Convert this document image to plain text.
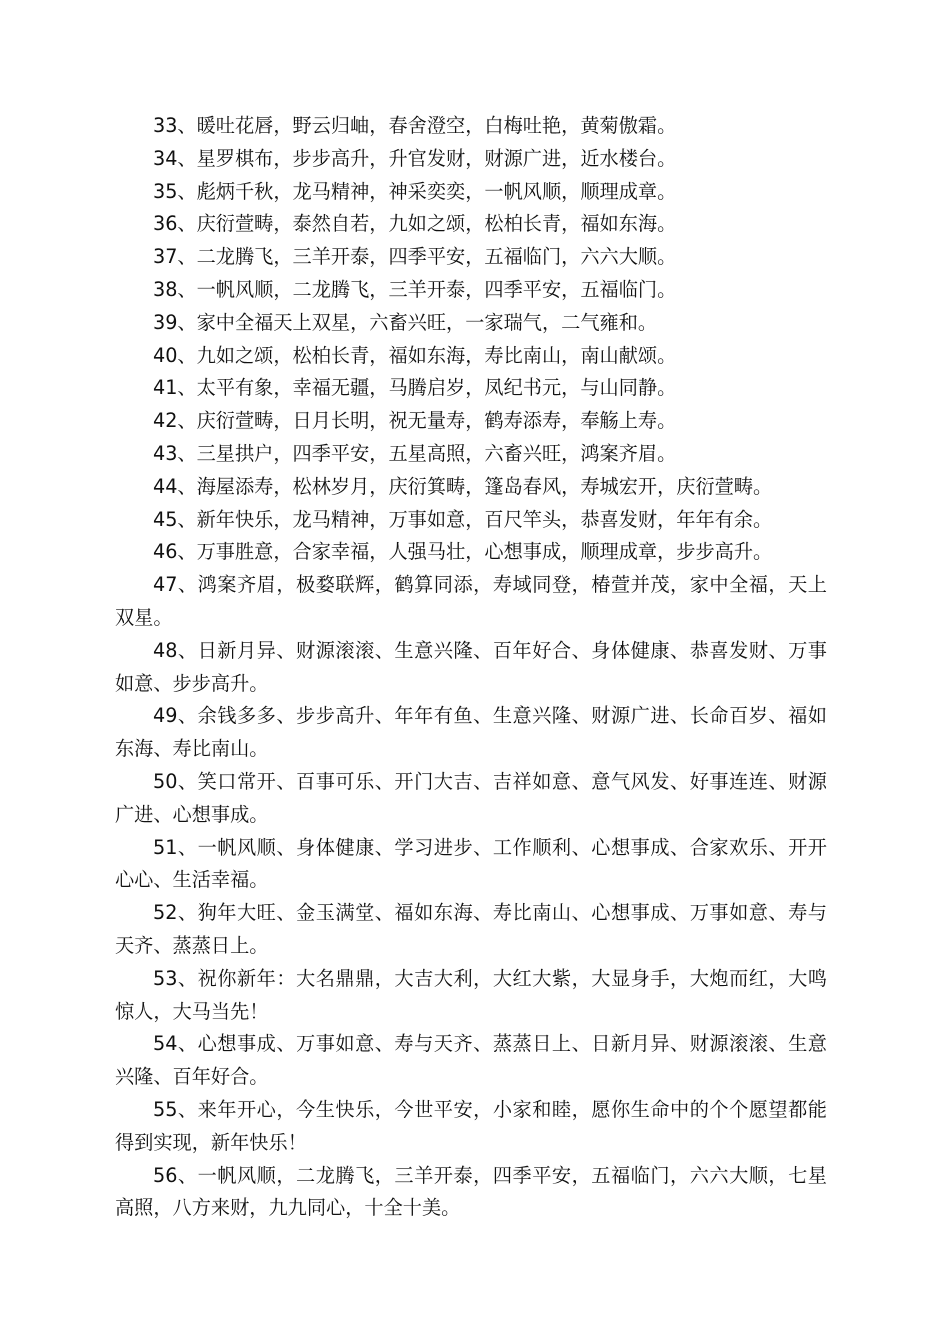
33、暖吐花唇，野云归岫，春舍澄空，白梅吐艳，黄菊傲霜。

34、星罗棋布，步步高升，升官发财，财源广进，近水楼台。

35、彪炳千秋，龙马精神，神采奕奕，一帆风顺，顺理成章。

36、庆衍萱畴，泰然自若，九如之颂，松柏长青，福如东海。

37、二龙腾飞，三羊开泰，四季平安，五福临门，六六大顺。

38、一帆风顺，二龙腾飞，三羊开泰，四季平安，五福临门。

39、家中全福天上双星，六畜兴旺，一家瑞气，二气雍和。

40、九如之颂，松柏长青，福如东海，寿比南山，南山献颂。

41、太平有象，幸福无疆，马腾启岁，凤纪书元，与山同静。

42、庆衍萱畴，日月长明，祝无量寿，鹤寿添寿，奉觞上寿。

43、三星拱户，四季平安，五星高照，六畜兴旺，鸿案齐眉。

44、海屋添寿，松林岁月，庆衍箕畴，篷岛春风，寿城宏开，庆衍萱畴。

45、新年快乐，龙马精神，万事如意，百尺竿头，恭喜发财，年年有余。

46、万事胜意，合家幸福，人强马壮，心想事成，顺理成章，步步高升。

47、鸿案齐眉，极婺联辉，鹤算同添，寿域同登，椿萱并茂，家中全福，天上双星。

48、日新月异、财源滚滚、生意兴隆、百年好合、身体健康、恭喜发财、万事如意、步步高升。

49、余钱多多、步步高升、年年有鱼、生意兴隆、财源广进、长命百岁、福如东海、寿比南山。

50、笑口常开、百事可乐、开门大吉、吉祥如意、意气风发、好事连连、财源广进、心想事成。

51、一帆风顺、身体健康、学习进步、工作顺利、心想事成、合家欢乐、开开心心、生活幸福。

52、狗年大旺、金玉满堂、福如东海、寿比南山、心想事成、万事如意、寿与天齐、蒸蒸日上。

53、祝你新年：大名鼎鼎，大吉大利，大红大紫，大显身手，大炮而红，大鸣惊人，大马当先！

54、心想事成、万事如意、寿与天齐、蒸蒸日上、日新月异、财源滚滚、生意兴隆、百年好合。

55、来年开心，今生快乐，今世平安，小家和睦，愿你生命中的个个愿望都能得到实现，新年快乐！

56、一帆风顺，二龙腾飞，三羊开泰，四季平安，五福临门，六六大顺，七星高照，八方来财，九九同心，十全十美。
